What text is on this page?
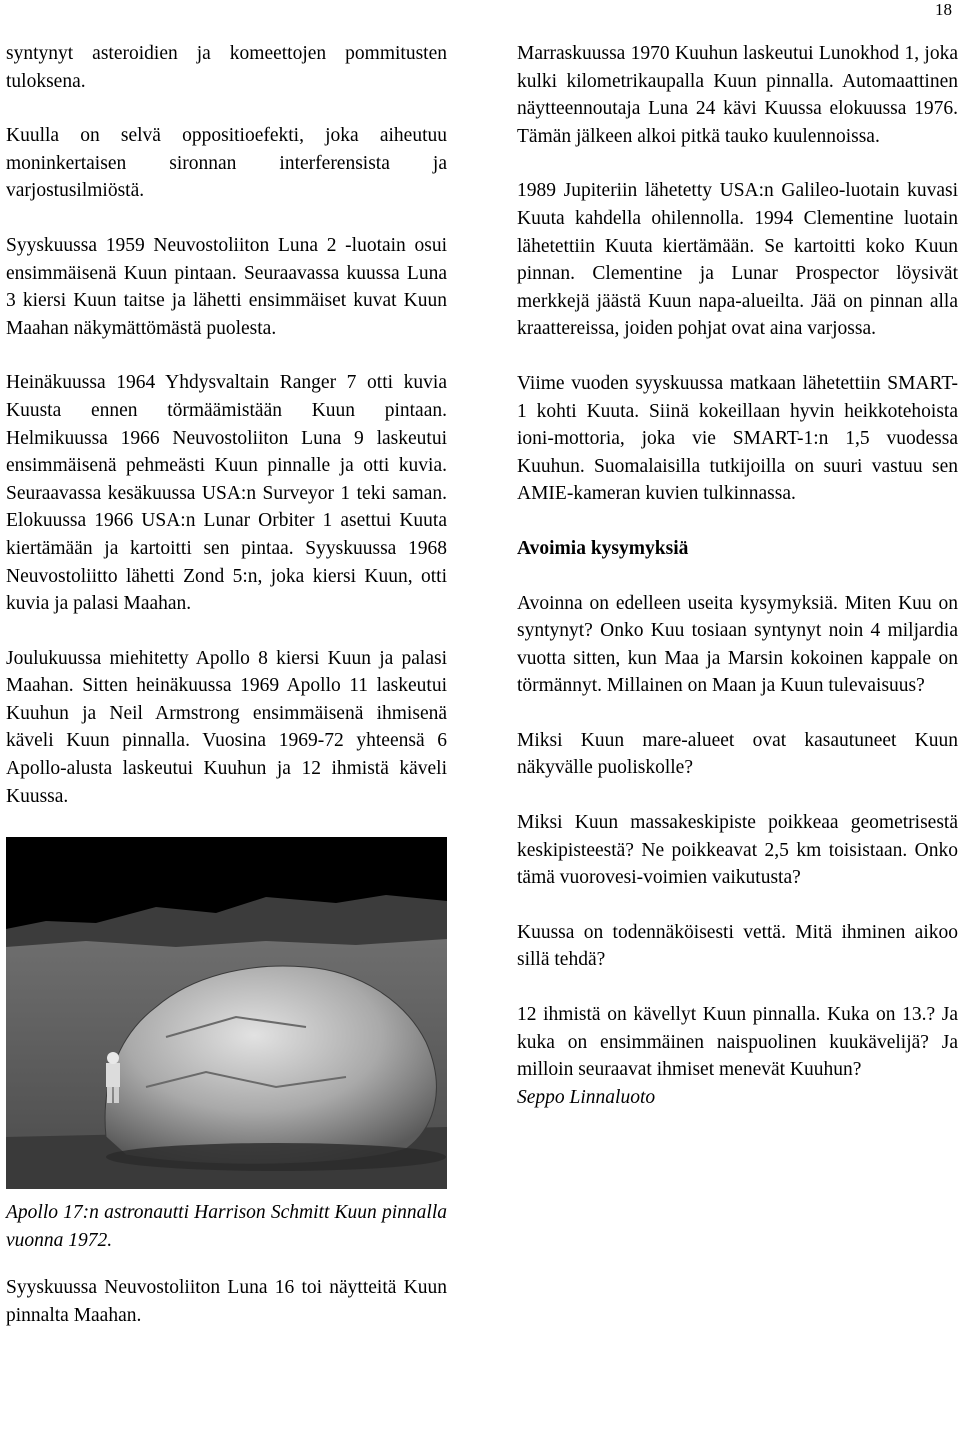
18

syntynyt asteroidien ja komeettojen pommitusten tuloksena.

Kuulla on selvä oppositioefekti, joka aiheutuu moninkertaisen sironnan interferensista ja varjostusilmiöstä.

Syyskuussa 1959 Neuvostoliiton Luna 2 -luotain osui ensimmäisenä Kuun pintaan. Seuraavassa kuussa Luna 3 kiersi Kuun taitse ja lähetti ensimmäiset kuvat Kuun Maahan näkymättömästä puolesta.

Heinäkuussa 1964 Yhdysvaltain Ranger 7 otti kuvia Kuusta ennen törmäämistään Kuun pintaan. Helmikuussa 1966 Neuvostoliiton Luna 9 laskeutui ensimmäisenä pehmeästi Kuun pinnalle ja otti kuvia. Seuraavassa kesäkuussa USA:n Surveyor 1 teki saman. Elokuussa 1966 USA:n Lunar Orbiter 1 asettui Kuuta kiertämään ja kartoitti sen pintaa. Syyskuussa 1968 Neuvostoliitto lähetti Zond 5:n, joka kiersi Kuun, otti kuvia ja palasi Maahan.

Joulukuussa miehitetty Apollo 8 kiersi Kuun ja palasi Maahan. Sitten heinäkuussa 1969 Apollo 11 laskeutui Kuuhun ja Neil Armstrong ensimmäisenä ihmisenä käveli Kuun pinnalla. Vuosina 1969-72 yhteensä 6 Apollo-alusta laskeutui Kuuhun ja 12 ihmistä käveli Kuussa.

Apollo 17:n astronautti Harrison Schmitt Kuun pinnalla vuonna 1972.

Syyskuussa Neuvostoliiton Luna 16 toi näytteitä Kuun pinnalta Maahan.

Marraskuussa 1970 Kuuhun laskeutui Lunokhod 1, joka kulki kilometrikaupalla Kuun pinnalla. Automaattinen näytteennoutaja Luna 24 kävi Kuussa elokuussa 1976. Tämän jälkeen alkoi pitkä tauko kuulennoissa.

1989 Jupiteriin lähetetty USA:n Galileo-luotain kuvasi Kuuta kahdella ohilennolla. 1994 Clementine luotain lähetettiin Kuuta kiertämään. Se kartoitti koko Kuun pinnan. Clementine ja Lunar Prospector löysivät merkkejä jäästä Kuun napa-alueilta. Jää on pinnan alla kraattereissa, joiden pohjat ovat aina varjossa.

Viime vuoden syyskuussa matkaan lähetettiin SMART-1 kohti Kuuta. Siinä kokeillaan hyvin heikkotehoista ioni-mottoria, joka vie SMART-1:n 1,5 vuodessa Kuuhun. Suomalaisilla tutkijoilla on suuri vastuu sen AMIE-kameran kuvien tulkinnassa.

Avoimia kysymyksiä

Avoinna on edelleen useita kysymyksiä. Miten Kuu on syntynyt? Onko Kuu tosiaan syntynyt noin 4 miljardia vuotta sitten, kun Maa ja Marsin kokoinen kappale on törmännyt. Millainen on Maan ja Kuun tulevaisuus?

Miksi Kuun mare-alueet ovat kasautuneet Kuun näkyvälle puoliskolle?

Miksi Kuun massakeskipiste poikkeaa geometrisestä keskipisteestä? Ne poikkeavat 2,5 km toisistaan. Onko tämä vuorovesi-voimien vaikutusta?

Kuussa on todennäköisesti vettä. Mitä ihminen aikoo sillä tehdä?

12 ihmistä on kävellyt Kuun pinnalla. Kuka on 13.? Ja kuka on ensimmäinen naispuolinen kuukävelijä? Ja milloin seuraavat ihmiset menevät Kuuhun?

Seppo Linnaluoto
